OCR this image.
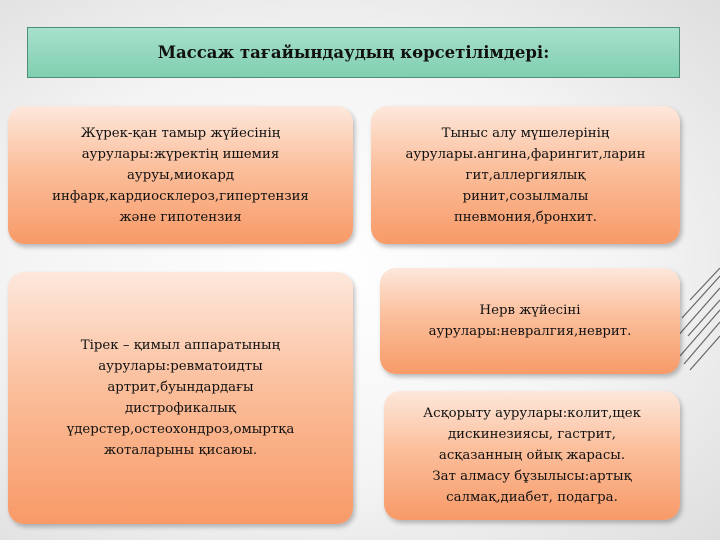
Массаж тағайындаудың көрсетілімдері:
Жүрек-қан тамыр жүйесінің
аурулары:жүректің ишемия
ауруы,миокард
инфарк,кардиосклероз,гипертензия
және гипотензия
Тыныс алу мүшелерінің
аурулары.ангина,фарингит,ларин
гит,аллергиялық
ринит,созылмалы
пневмония,бронхит.
Тірек – қимыл аппаратының
аурулары:ревматоидты
артрит,буындардағы
дистрофикалық
үдерстер,остеохондроз,омыртқа
жоталарыны қисаюы.
Нерв жүйесіні
аурулары:невралгия,неврит.
Асқорыту аурулары:колит,щек
дискинезиясы, гастрит,
асқазанның ойық жарасы.
Зат алмасу бұзылысы:артық
салмақ,диабет, подагра.
